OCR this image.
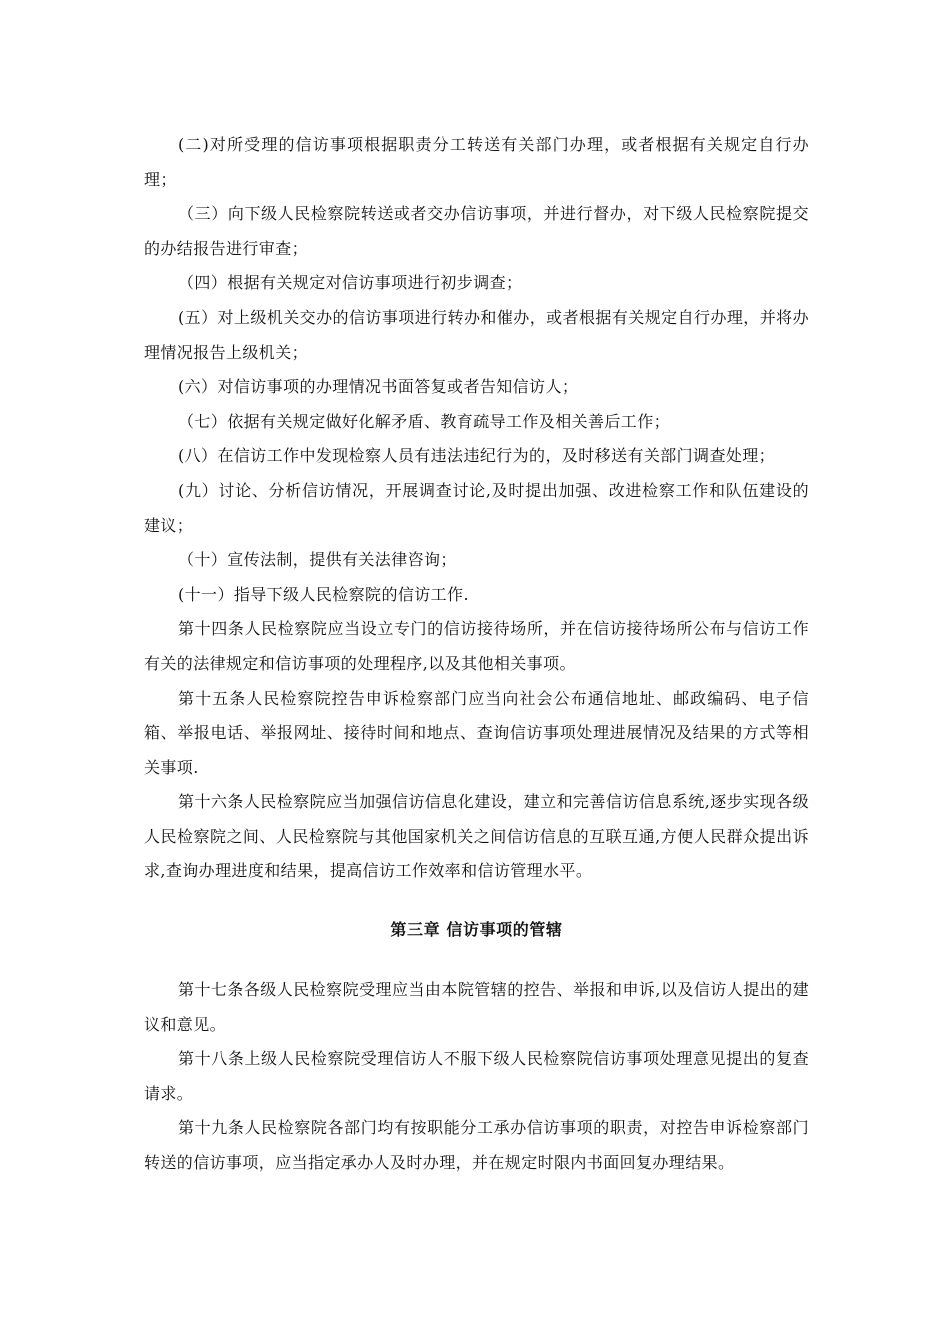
(二)对所受理的信访事项根据职责分工转送有关部门办理，或者根据有关规定自行办理；

（三）向下级人民检察院转送或者交办信访事项，并进行督办，对下级人民检察院提交的办结报告进行审查；

（四）根据有关规定对信访事项进行初步调查；

(五）对上级机关交办的信访事项进行转办和催办，或者根据有关规定自行办理，并将办理情况报告上级机关；

(六）对信访事项的办理情况书面答复或者告知信访人；

（七）依据有关规定做好化解矛盾、教育疏导工作及相关善后工作；

(八）在信访工作中发现检察人员有违法违纪行为的，及时移送有关部门调查处理；

(九）讨论、分析信访情况，开展调查讨论,及时提出加强、改进检察工作和队伍建设的建议；

（十）宣传法制，提供有关法律咨询；

(十一）指导下级人民检察院的信访工作.

第十四条人民检察院应当设立专门的信访接待场所，并在信访接待场所公布与信访工作有关的法律规定和信访事项的处理程序,以及其他相关事项。

第十五条人民检察院控告申诉检察部门应当向社会公布通信地址、邮政编码、电子信箱、举报电话、举报网址、接待时间和地点、查询信访事项处理进展情况及结果的方式等相关事项.

第十六条人民检察院应当加强信访信息化建设，建立和完善信访信息系统,逐步实现各级人民检察院之间、人民检察院与其他国家机关之间信访信息的互联互通,方便人民群众提出诉求,查询办理进度和结果，提高信访工作效率和信访管理水平。

第三章 信访事项的管辖

第十七条各级人民检察院受理应当由本院管辖的控告、举报和申诉,以及信访人提出的建议和意见。

第十八条上级人民检察院受理信访人不服下级人民检察院信访事项处理意见提出的复查请求。

第十九条人民检察院各部门均有按职能分工承办信访事项的职责，对控告申诉检察部门转送的信访事项，应当指定承办人及时办理，并在规定时限内书面回复办理结果。
